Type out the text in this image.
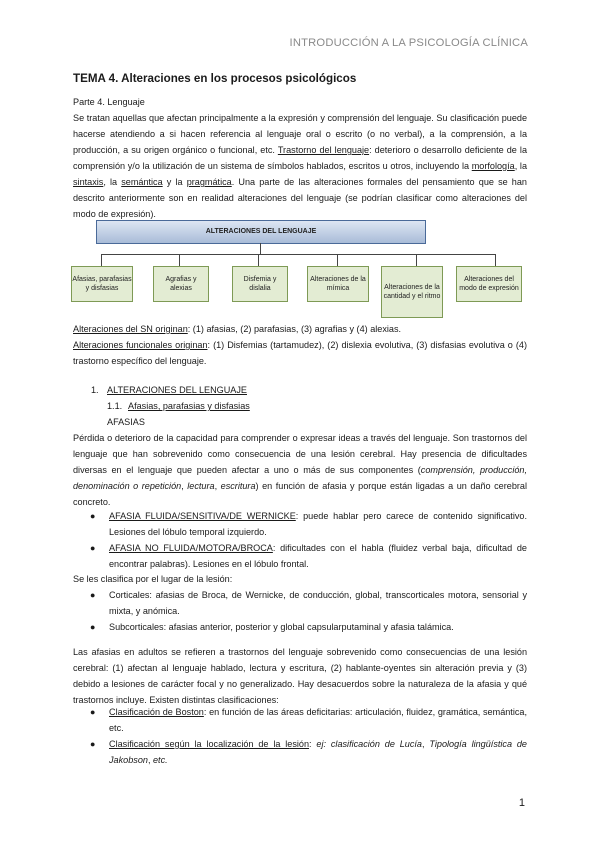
INTRODUCCIÓN A LA PSICOLOGÍA CLÍNICA
TEMA 4. Alteraciones en los procesos psicológicos
Parte 4. Lenguaje
Se tratan aquellas que afectan principalmente a la expresión y comprensión del lenguaje. Su clasificación puede hacerse atendiendo a si hacen referencia al lenguaje oral o escrito (o no verbal), a la comprensión, a la producción, a su origen orgánico o funcional, etc. Trastorno del lenguaje: deterioro o desarrollo deficiente de la comprensión y/o la utilización de un sistema de símbolos hablados, escritos u otros, incluyendo la morfología, la sintaxis, la semántica y la pragmática. Una parte de las alteraciones formales del pensamiento que se han descrito anteriormente son en realidad alteraciones del lenguaje (se podrían clasificar como alteraciones del modo de expresión).
ALTERACIONES DEL LENGUAJE
Afasias, parafasias y disfasias
Agrafias y alexias
Disfemia y dislalia
Alteraciones de la mímica	Alteraciones de la cantidad y el ritmo
Alteraciones del modo de expresión
Alteraciones del SN originan: (1) afasias, (2) parafasias, (3) agrafias y (4) alexias.
Alteraciones funcionales originan: (1) Disfemias (tartamudez), (2) dislexia evolutiva, (3) disfasias evolutiva o (4) trastorno específico del lenguaje.
1. ALTERACIONES DEL LENGUAJE
1.1. Afasias, parafasias y disfasias
AFASIAS
Pérdida o deterioro de la capacidad para comprender o expresar ideas a través del lenguaje. Son trastornos del lenguaje que han sobrevenido como consecuencia de una lesión cerebral. Hay presencia de dificultades diversas en el lenguaje que pueden afectar a uno o más de sus componentes (comprensión, producción, denominación o repetición, lectura, escritura) en función de afasia y porque están ligadas a un daño cerebral concreto.
● AFASIA FLUIDA/SENSITIVA/DE WERNICKE: puede hablar pero carece de contenido significativo. Lesiones del lóbulo temporal izquierdo.
● AFASIA NO FLUIDA/MOTORA/BROCA: dificultades con el habla (fluidez verbal baja, dificultad de encontrar palabras). Lesiones en el lóbulo frontal.
Se les clasifica por el lugar de la lesión:
● Corticales: afasias de Broca, de Wernicke, de conducción, global, transcorticales motora, sensorial y mixta, y anómica.
● Subcorticales: afasias anterior, posterior y global capsularputaminal y afasia talámica.
Las afasias en adultos se refieren a trastornos del lenguaje sobrevenido como consecuencias de una lesión cerebral: (1) afectan al lenguaje hablado, lectura y escritura, (2) hablante-oyentes sin alteración previa y (3) debido a lesiones de carácter focal y no generalizado. Hay desacuerdos sobre la naturaleza de la afasia y qué trastornos incluye. Existen distintas clasificaciones:
● Clasificación de Boston: en función de las áreas deficitarias: articulación, fluidez, gramática, semántica, etc.
● Clasificación según la localización de la lesión: ej: clasificación de Lucía, Tipología lingüística de Jakobson, etc.
1
